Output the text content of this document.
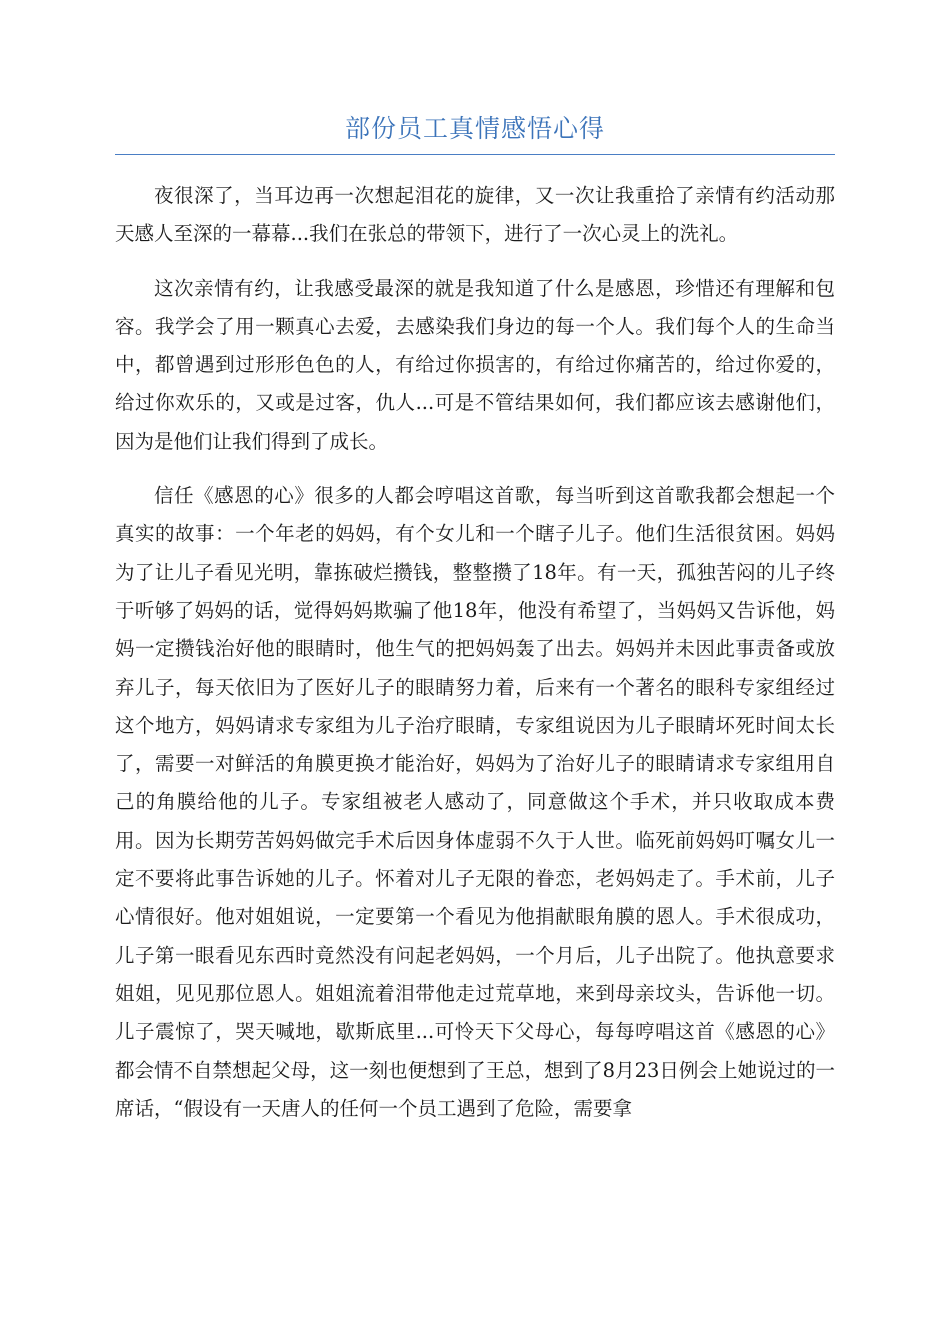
部份员工真情感悟心得

夜很深了，当耳边再一次想起泪花的旋律，又一次让我重拾了亲情有约活动那天感人至深的一幕幕...我们在张总的带领下，进行了一次心灵上的洗礼。

这次亲情有约，让我感受最深的就是我知道了什么是感恩，珍惜还有理解和包容。我学会了用一颗真心去爱，去感染我们身边的每一个人。我们每个人的生命当中，都曾遇到过形形色色的人，有给过你损害的，有给过你痛苦的，给过你爱的，给过你欢乐的，又或是过客，仇人...可是不管结果如何，我们都应该去感谢他们，因为是他们让我们得到了成长。

信任《感恩的心》很多的人都会哼唱这首歌，每当听到这首歌我都会想起一个真实的故事：一个年老的妈妈，有个女儿和一个瞎子儿子。他们生活很贫困。妈妈为了让儿子看见光明，靠拣破烂攒钱，整整攒了18年。有一天，孤独苦闷的儿子终于听够了妈妈的话，觉得妈妈欺骗了他18年，他没有希望了，当妈妈又告诉他，妈妈一定攒钱治好他的眼睛时，他生气的把妈妈轰了出去。妈妈并未因此事责备或放弃儿子，每天依旧为了医好儿子的眼睛努力着，后来有一个著名的眼科专家组经过这个地方，妈妈请求专家组为儿子治疗眼睛，专家组说因为儿子眼睛坏死时间太长了，需要一对鲜活的角膜更换才能治好，妈妈为了治好儿子的眼睛请求专家组用自己的角膜给他的儿子。专家组被老人感动了，同意做这个手术，并只收取成本费用。因为长期劳苦妈妈做完手术后因身体虚弱不久于人世。临死前妈妈叮嘱女儿一定不要将此事告诉她的儿子。怀着对儿子无限的眷恋，老妈妈走了。手术前，儿子心情很好。他对姐姐说，一定要第一个看见为他捐献眼角膜的恩人。手术很成功，儿子第一眼看见东西时竟然没有问起老妈妈，一个月后，儿子出院了。他执意要求姐姐，见见那位恩人。姐姐流着泪带他走过荒草地，来到母亲坟头，告诉他一切。儿子震惊了，哭天喊地，歇斯底里...可怜天下父母心，每每哼唱这首《感恩的心》都会情不自禁想起父母，这一刻也便想到了王总，想到了8月23日例会上她说过的一席话，“假设有一天唐人的任何一个员工遇到了危险，需要拿
